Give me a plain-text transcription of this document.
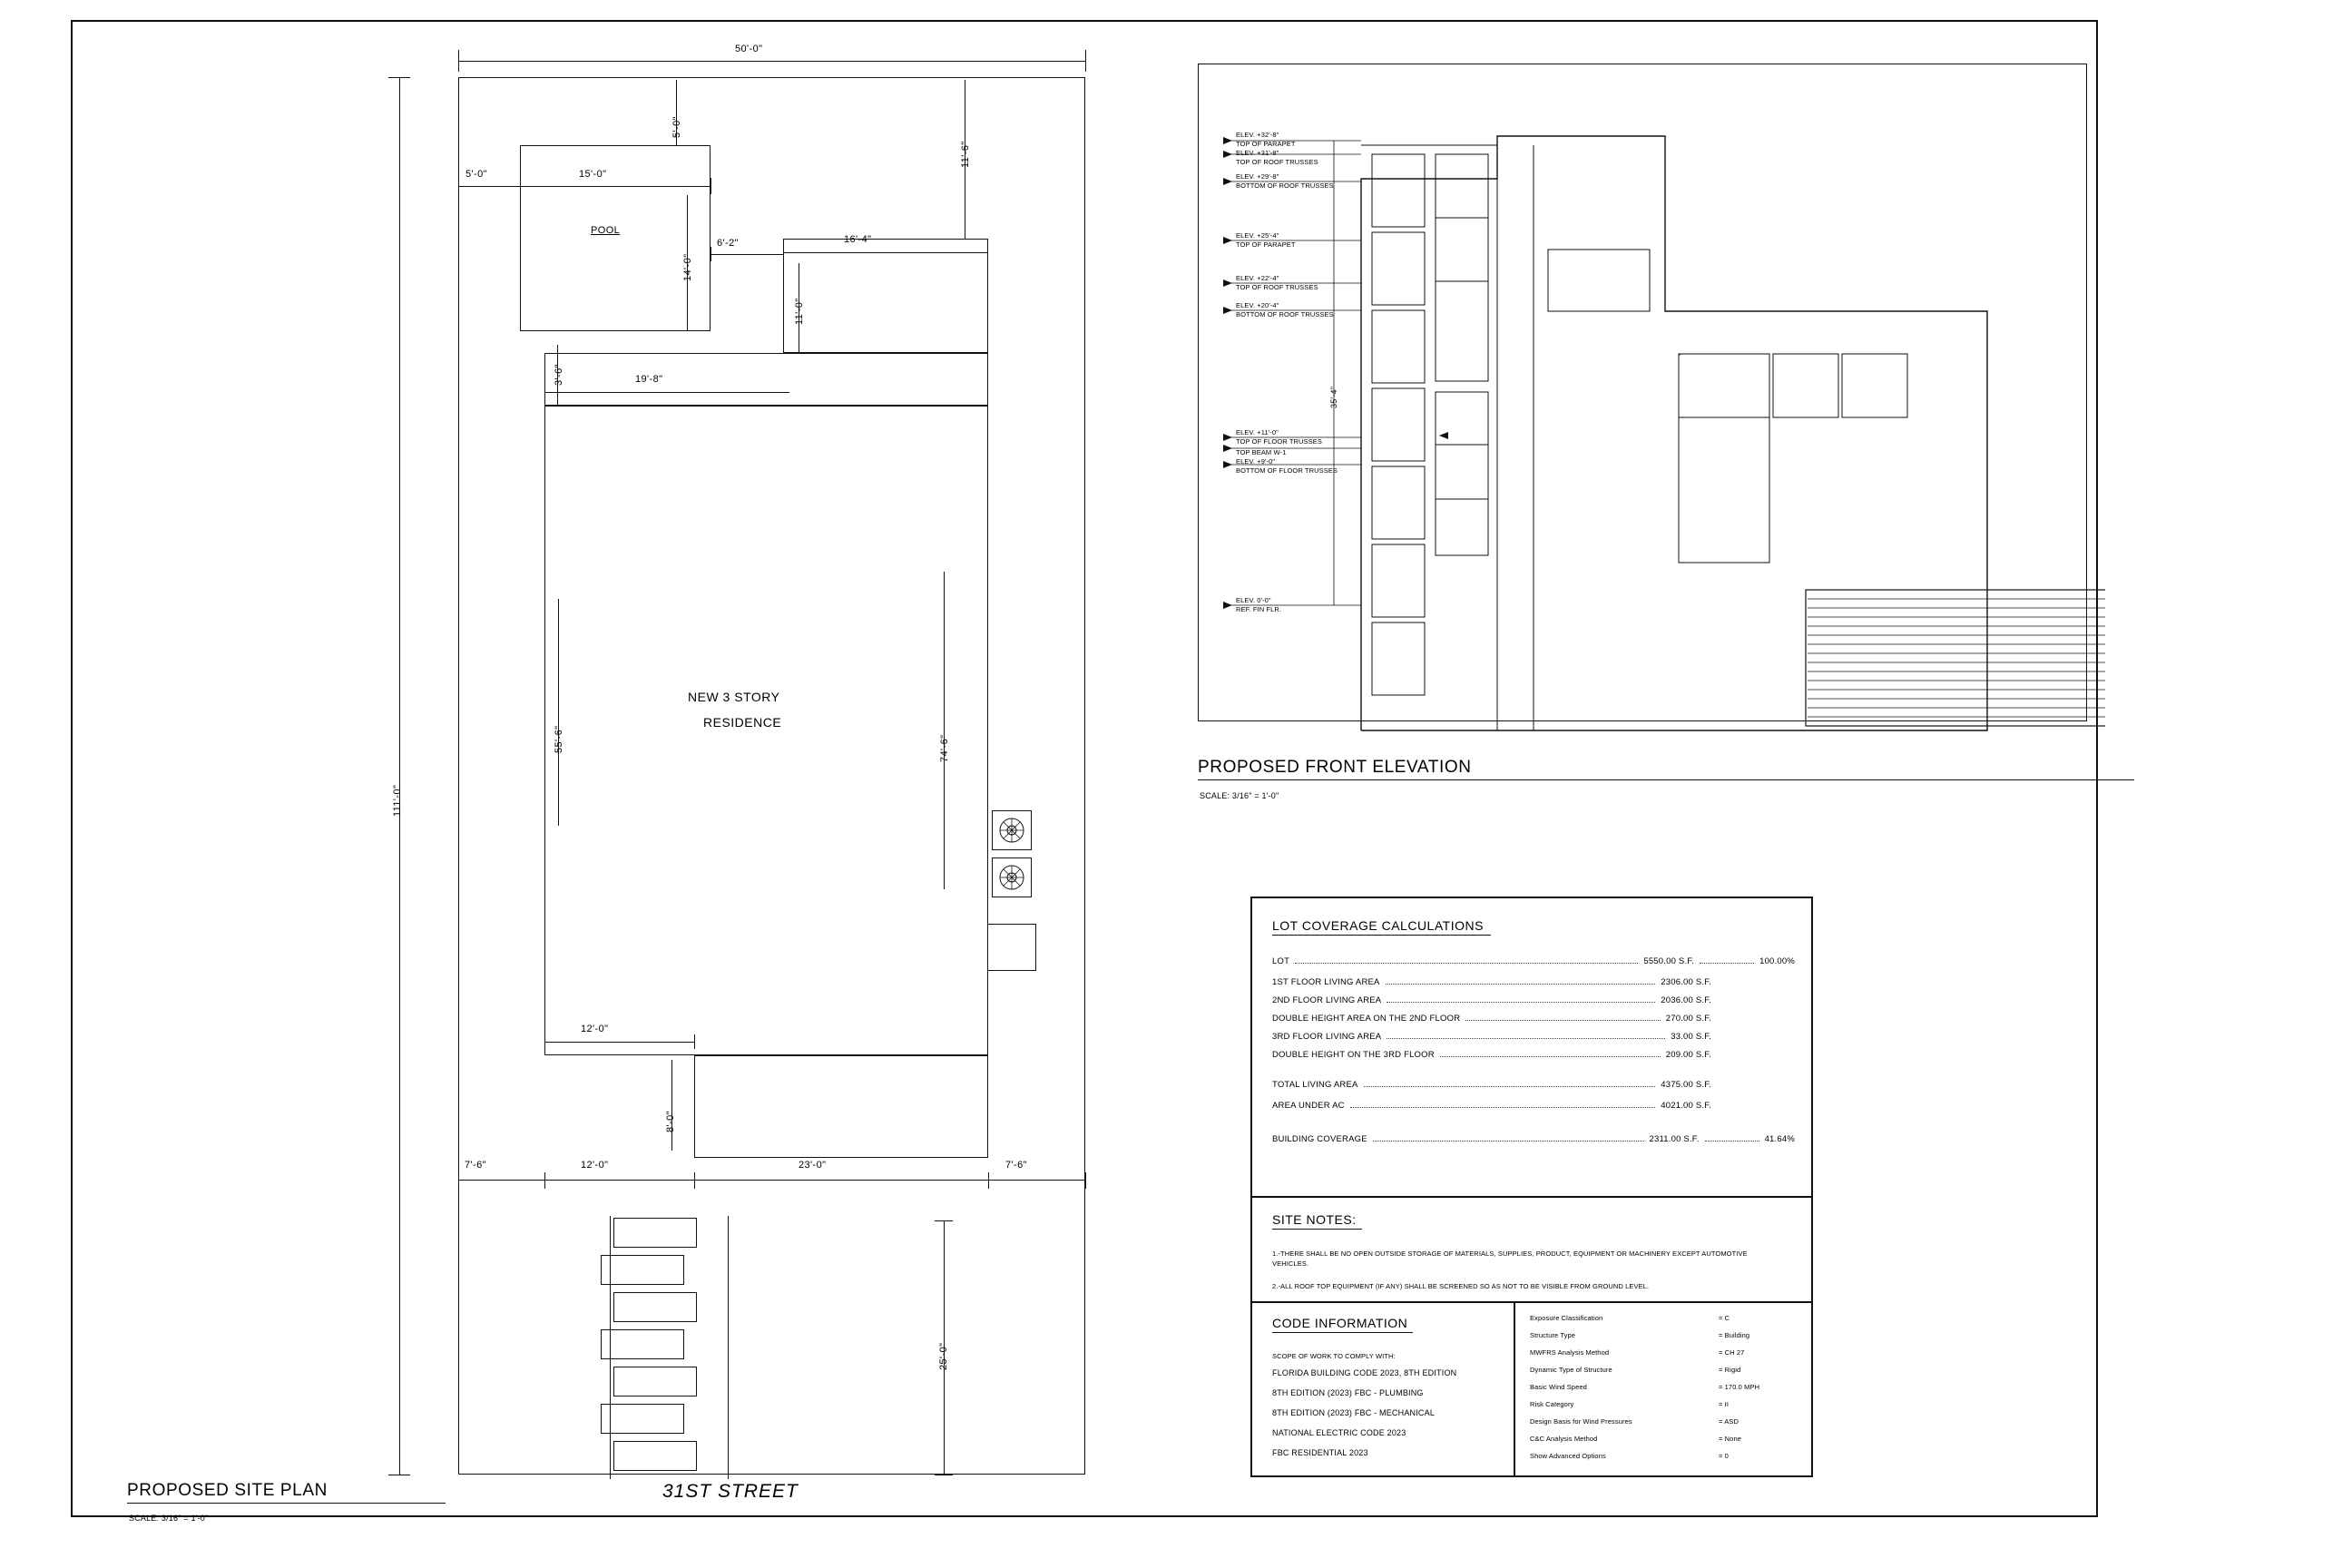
50'-0"
111'-0"
POOL
5'-0"	15'-0"
5'-0"
14'-0"
6'-2"
11'-6"
16'-4"
11'-0"
3'-6"	19'-8"
NEW 3 STORY
RESIDENCE
55'-6"	74'-6"
12'-0"
8'-0"
7'-6"	12'-0"	23'-0"	7'-6"
25'-0"
PROPOSED SITE PLAN
SCALE: 3/16" = 1'-0"
31ST STREET
ELEV. +32'-8"
TOP OF PARAPET
ELEV. +31'-8"
TOP OF ROOF TRUSSES
ELEV. +29'-8"
BOTTOM OF ROOF TRUSSES
ELEV. +25'-4"
TOP OF PARAPET
ELEV. +22'-4"
TOP OF ROOF TRUSSES
ELEV. +20'-4"
BOTTOM OF ROOF TRUSSES
ELEV. +11'-0"
TOP OF FLOOR TRUSSES
TOP BEAM W-1
ELEV. +9'-0"
BOTTOM OF FLOOR TRUSSES
ELEV. 0'-0"
REF. FIN FLR.
35'-4"
PROPOSED FRONT ELEVATION
SCALE: 3/16" = 1'-0"
LOT COVERAGE CALCULATIONS
LOT	5550.00 S.F.	100.00%
1ST FLOOR LIVING AREA	2306.00 S.F.
2ND FLOOR LIVING AREA	2036.00 S.F.
DOUBLE HEIGHT AREA ON THE 2ND FLOOR	270.00 S.F.
3RD FLOOR LIVING AREA	33.00 S.F.
DOUBLE HEIGHT ON THE 3RD FLOOR	209.00 S.F.
TOTAL LIVING AREA	4375.00 S.F.
AREA UNDER AC	4021.00 S.F.
BUILDING COVERAGE	2311.00 S.F.	41.64%
SITE NOTES:
1.-THERE SHALL BE NO OPEN OUTSIDE STORAGE OF MATERIALS, SUPPLIES, PRODUCT, EQUIPMENT OR MACHINERY EXCEPT AUTOMOTIVE VEHICLES.
2.-ALL ROOF TOP EQUIPMENT (IF ANY) SHALL BE SCREENED SO AS NOT TO BE VISIBLE FROM GROUND LEVEL.
CODE INFORMATION
SCOPE OF WORK TO COMPLY WITH:
FLORIDA BUILDING CODE 2023, 8TH EDITION
8TH EDITION (2023) FBC - PLUMBING
8TH EDITION (2023) FBC - MECHANICAL
NATIONAL ELECTRIC CODE 2023
FBC RESIDENTIAL 2023
Exposure Classification	= C
Structure Type	= Building
MWFRS Analysis Method	= CH 27
Dynamic Type of Structure	= Rigid
Basic Wind Speed	= 170.0 MPH
Risk Category	= II
Design Basis for Wind Pressures	= ASD
C&C Analysis Method	= None
Show Advanced Options	= 0
